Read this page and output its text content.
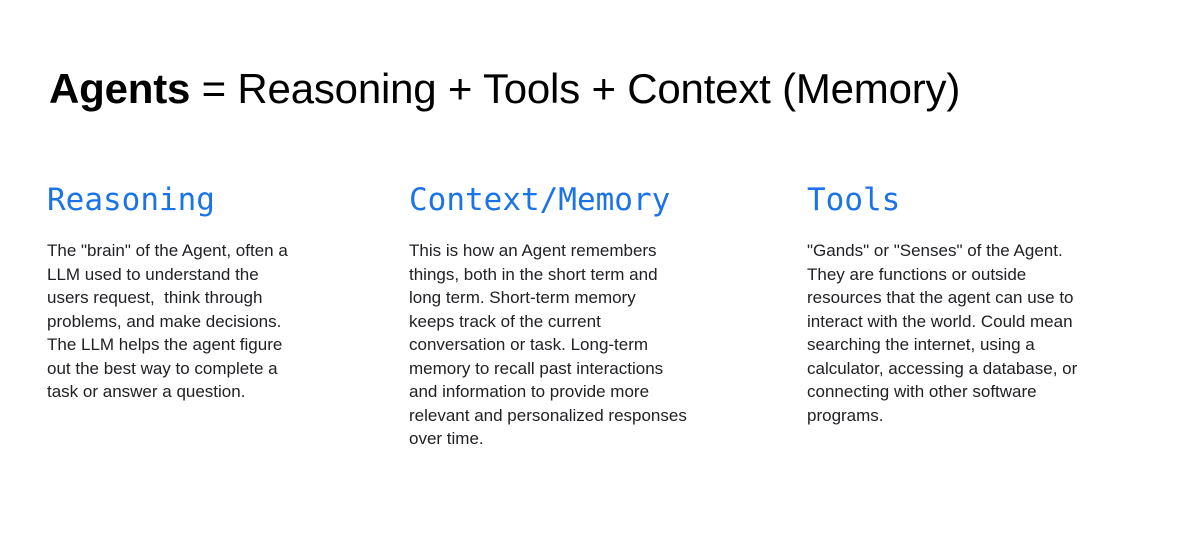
Agents = Reasoning + Tools + Context (Memory)
Reasoning

The "brain" of the Agent, often a
LLM used to understand the
users request,  think through
problems, and make decisions.
The LLM helps the agent figure
out the best way to complete a
task or answer a question.

Context/Memory

This is how an Agent remembers
things, both in the short term and
long term. Short-term memory
keeps track of the current
conversation or task. Long-term
memory to recall past interactions
and information to provide more
relevant and personalized responses
over time.

Tools

"Gands" or "Senses" of the Agent.
They are functions or outside
resources that the agent can use to
interact with the world. Could mean
searching the internet, using a
calculator, accessing a database, or
connecting with other software
programs.
